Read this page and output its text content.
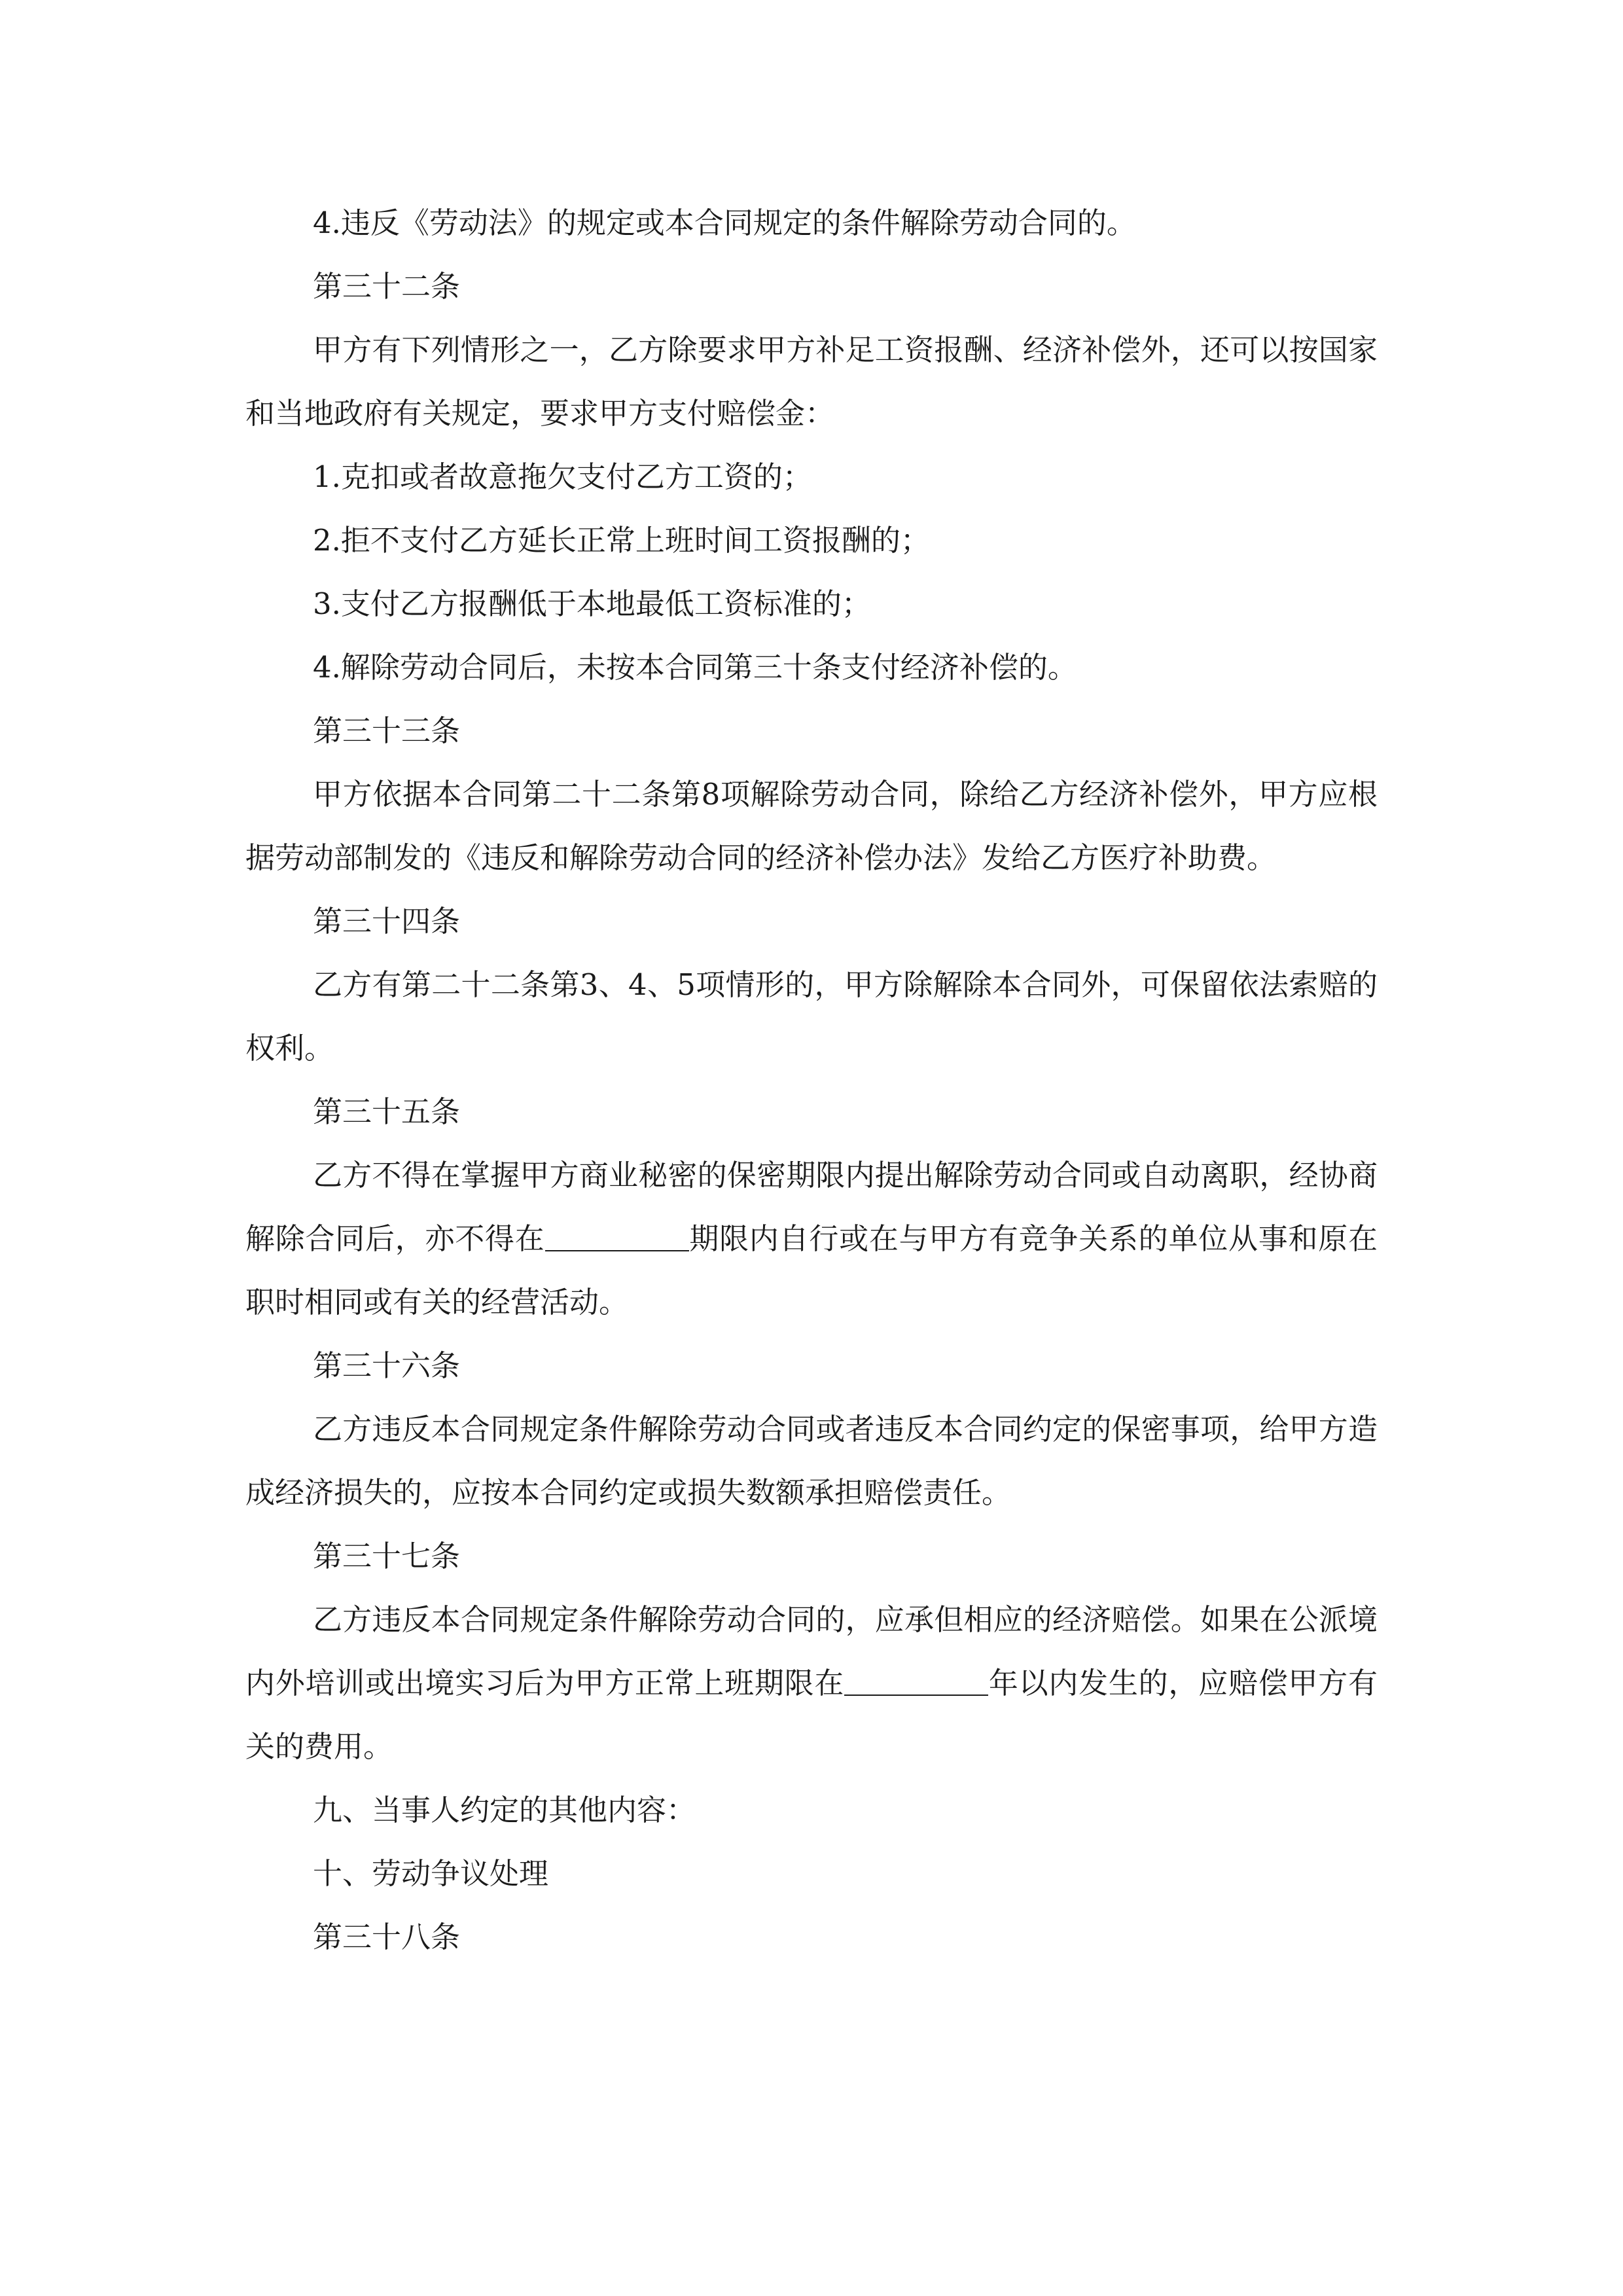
4.违反《劳动法》的规定或本合同规定的条件解除劳动合同的。

第三十二条

甲方有下列情形之一，乙方除要求甲方补足工资报酬、经济补偿外，还可以按国家和当地政府有关规定，要求甲方支付赔偿金：

1.克扣或者故意拖欠支付乙方工资的；

2.拒不支付乙方延长正常上班时间工资报酬的；

3.支付乙方报酬低于本地最低工资标准的；

4.解除劳动合同后，未按本合同第三十条支付经济补偿的。

第三十三条

甲方依据本合同第二十二条第8项解除劳动合同，除给乙方经济补偿外，甲方应根据劳动部制发的《违反和解除劳动合同的经济补偿办法》发给乙方医疗补助费。

第三十四条

乙方有第二十二条第3、4、5项情形的，甲方除解除本合同外，可保留依法索赔的权利。

第三十五条

乙方不得在掌握甲方商业秘密的保密期限内提出解除劳动合同或自动离职，经协商解除合同后，亦不得在	期限内自行或在与甲方有竞争关系的单位从事和原在职时相同或有关的经营活动。

第三十六条

乙方违反本合同规定条件解除劳动合同或者违反本合同约定的保密事项，给甲方造成经济损失的，应按本合同约定或损失数额承担赔偿责任。

第三十七条

乙方违反本合同规定条件解除劳动合同的，应承但相应的经济赔偿。如果在公派境内外培训或出境实习后为甲方正常上班期限在	年以内发生的，应赔偿甲方有关的费用。

九、当事人约定的其他内容：

十、劳动争议处理

第三十八条
